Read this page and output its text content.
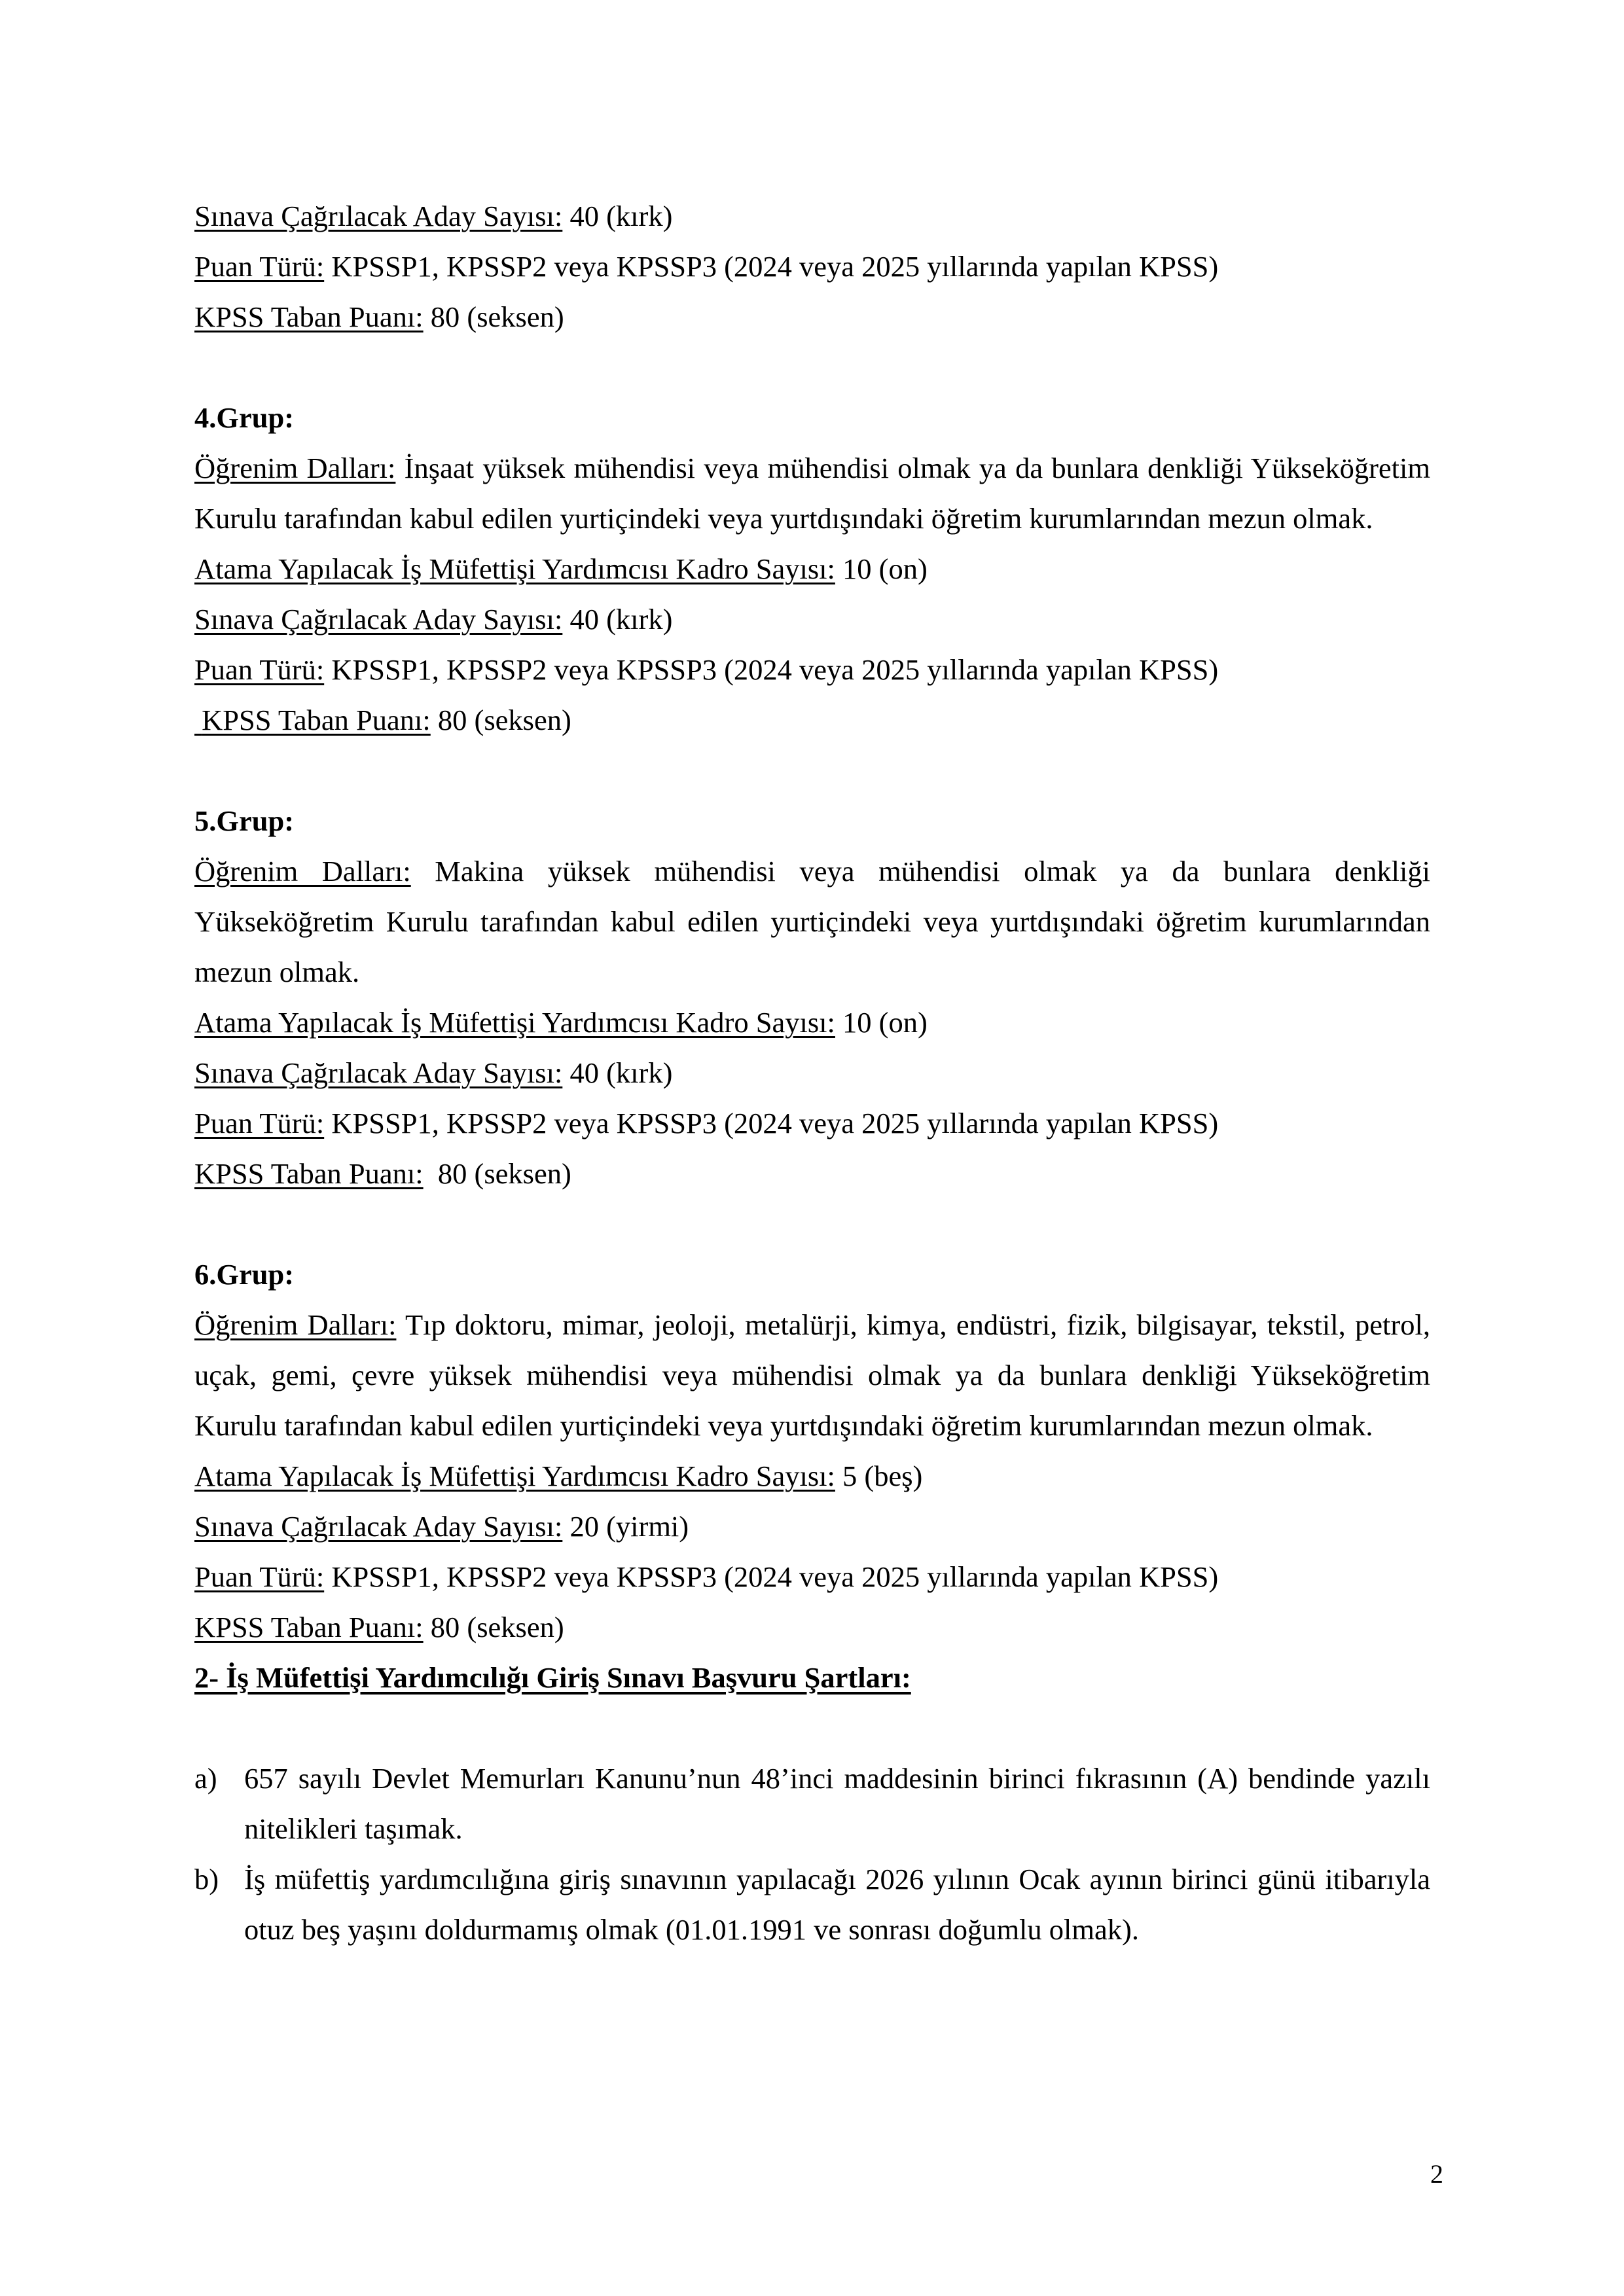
Sınava Çağrılacak Aday Sayısı: 40 (kırk)

Puan Türü: KPSSP1, KPSSP2 veya KPSSP3 (2024 veya 2025 yıllarında yapılan KPSS)

KPSS Taban Puanı: 80 (seksen)

4.Grup:

Öğrenim Dalları: İnşaat yüksek mühendisi veya mühendisi olmak ya da bunlara denkliği Yükseköğretim Kurulu tarafından kabul edilen yurtiçindeki veya yurtdışındaki öğretim kurumlarından mezun olmak.

Atama Yapılacak İş Müfettişi Yardımcısı Kadro Sayısı: 10 (on)

Sınava Çağrılacak Aday Sayısı: 40 (kırk)

Puan Türü: KPSSP1, KPSSP2 veya KPSSP3 (2024 veya 2025 yıllarında yapılan KPSS)

KPSS Taban Puanı: 80 (seksen)

5.Grup:

Öğrenim Dalları: Makina yüksek mühendisi veya mühendisi olmak ya da bunlara denkliği Yükseköğretim Kurulu tarafından kabul edilen yurtiçindeki veya yurtdışındaki öğretim kurumlarından mezun olmak.

Atama Yapılacak İş Müfettişi Yardımcısı Kadro Sayısı: 10 (on)

Sınava Çağrılacak Aday Sayısı: 40 (kırk)

Puan Türü: KPSSP1, KPSSP2 veya KPSSP3 (2024 veya 2025 yıllarında yapılan KPSS)

KPSS Taban Puanı:  80 (seksen)

6.Grup:

Öğrenim Dalları: Tıp doktoru, mimar, jeoloji, metalürji, kimya, endüstri, fizik, bilgisayar, tekstil, petrol, uçak, gemi, çevre yüksek mühendisi veya mühendisi olmak ya da bunlara denkliği Yükseköğretim Kurulu tarafından kabul edilen yurtiçindeki veya yurtdışındaki öğretim kurumlarından mezun olmak.

Atama Yapılacak İş Müfettişi Yardımcısı Kadro Sayısı: 5 (beş)

Sınava Çağrılacak Aday Sayısı: 20 (yirmi)

Puan Türü: KPSSP1, KPSSP2 veya KPSSP3 (2024 veya 2025 yıllarında yapılan KPSS)

KPSS Taban Puanı: 80 (seksen)

2- İş Müfettişi Yardımcılığı Giriş Sınavı Başvuru Şartları:

a) 657 sayılı Devlet Memurları Kanunu’nun 48’inci maddesinin birinci fıkrasının (A) bendinde yazılı nitelikleri taşımak.
b) İş müfettiş yardımcılığına giriş sınavının yapılacağı 2026 yılının Ocak ayının birinci günü itibarıyla otuz beş yaşını doldurmamış olmak (01.01.1991 ve sonrası doğumlu olmak).
2
